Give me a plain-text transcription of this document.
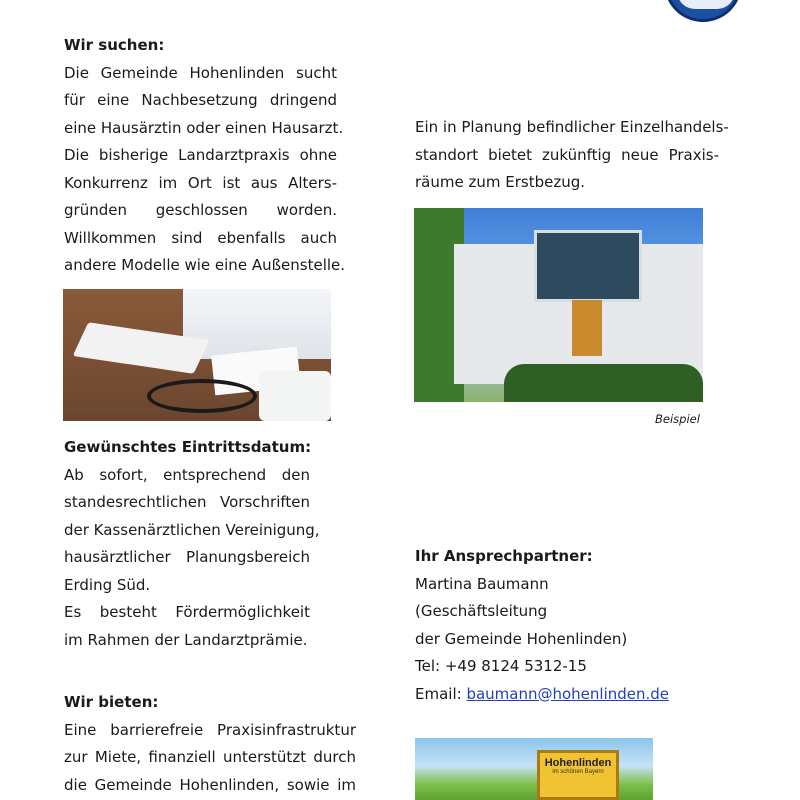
Wir suchen:
Die Gemeinde Hohenlinden sucht
für eine Nachbesetzung dringend
eine Hausärztin oder einen Hausarzt.
Die bisherige Landarztpraxis ohne
Konkurrenz im Ort ist aus Alters-
gründen geschlossen worden.
Willkommen sind ebenfalls auch
andere Modelle wie eine Außenstelle.
Gewünschtes Eintrittsdatum:
Ab sofort, entsprechend den
standesrechtlichen Vorschriften
der Kassenärztlichen Vereinigung,
hausärztlicher Planungsbereich
Erding Süd.
Es besteht Fördermöglichkeit
im Rahmen der Landarztprämie.
Wir bieten:
Eine barrierefreie Praxisinfrastruktur
zur Miete, finanziell unterstützt durch
die Gemeinde Hohenlinden, sowie im
Ein in Planung befindlicher Einzelhandels-
standort bietet zukünftig neue Praxis-
räume zum Erstbezug.
Beispiel
Ihr Ansprechpartner:
Martina Baumann
(Geschäftsleitung
der Gemeinde Hohenlinden)
Tel: +49 8124 5312-15
Email: baumann@hohenlinden.de
Hohenlinden
im schönen Bayern
